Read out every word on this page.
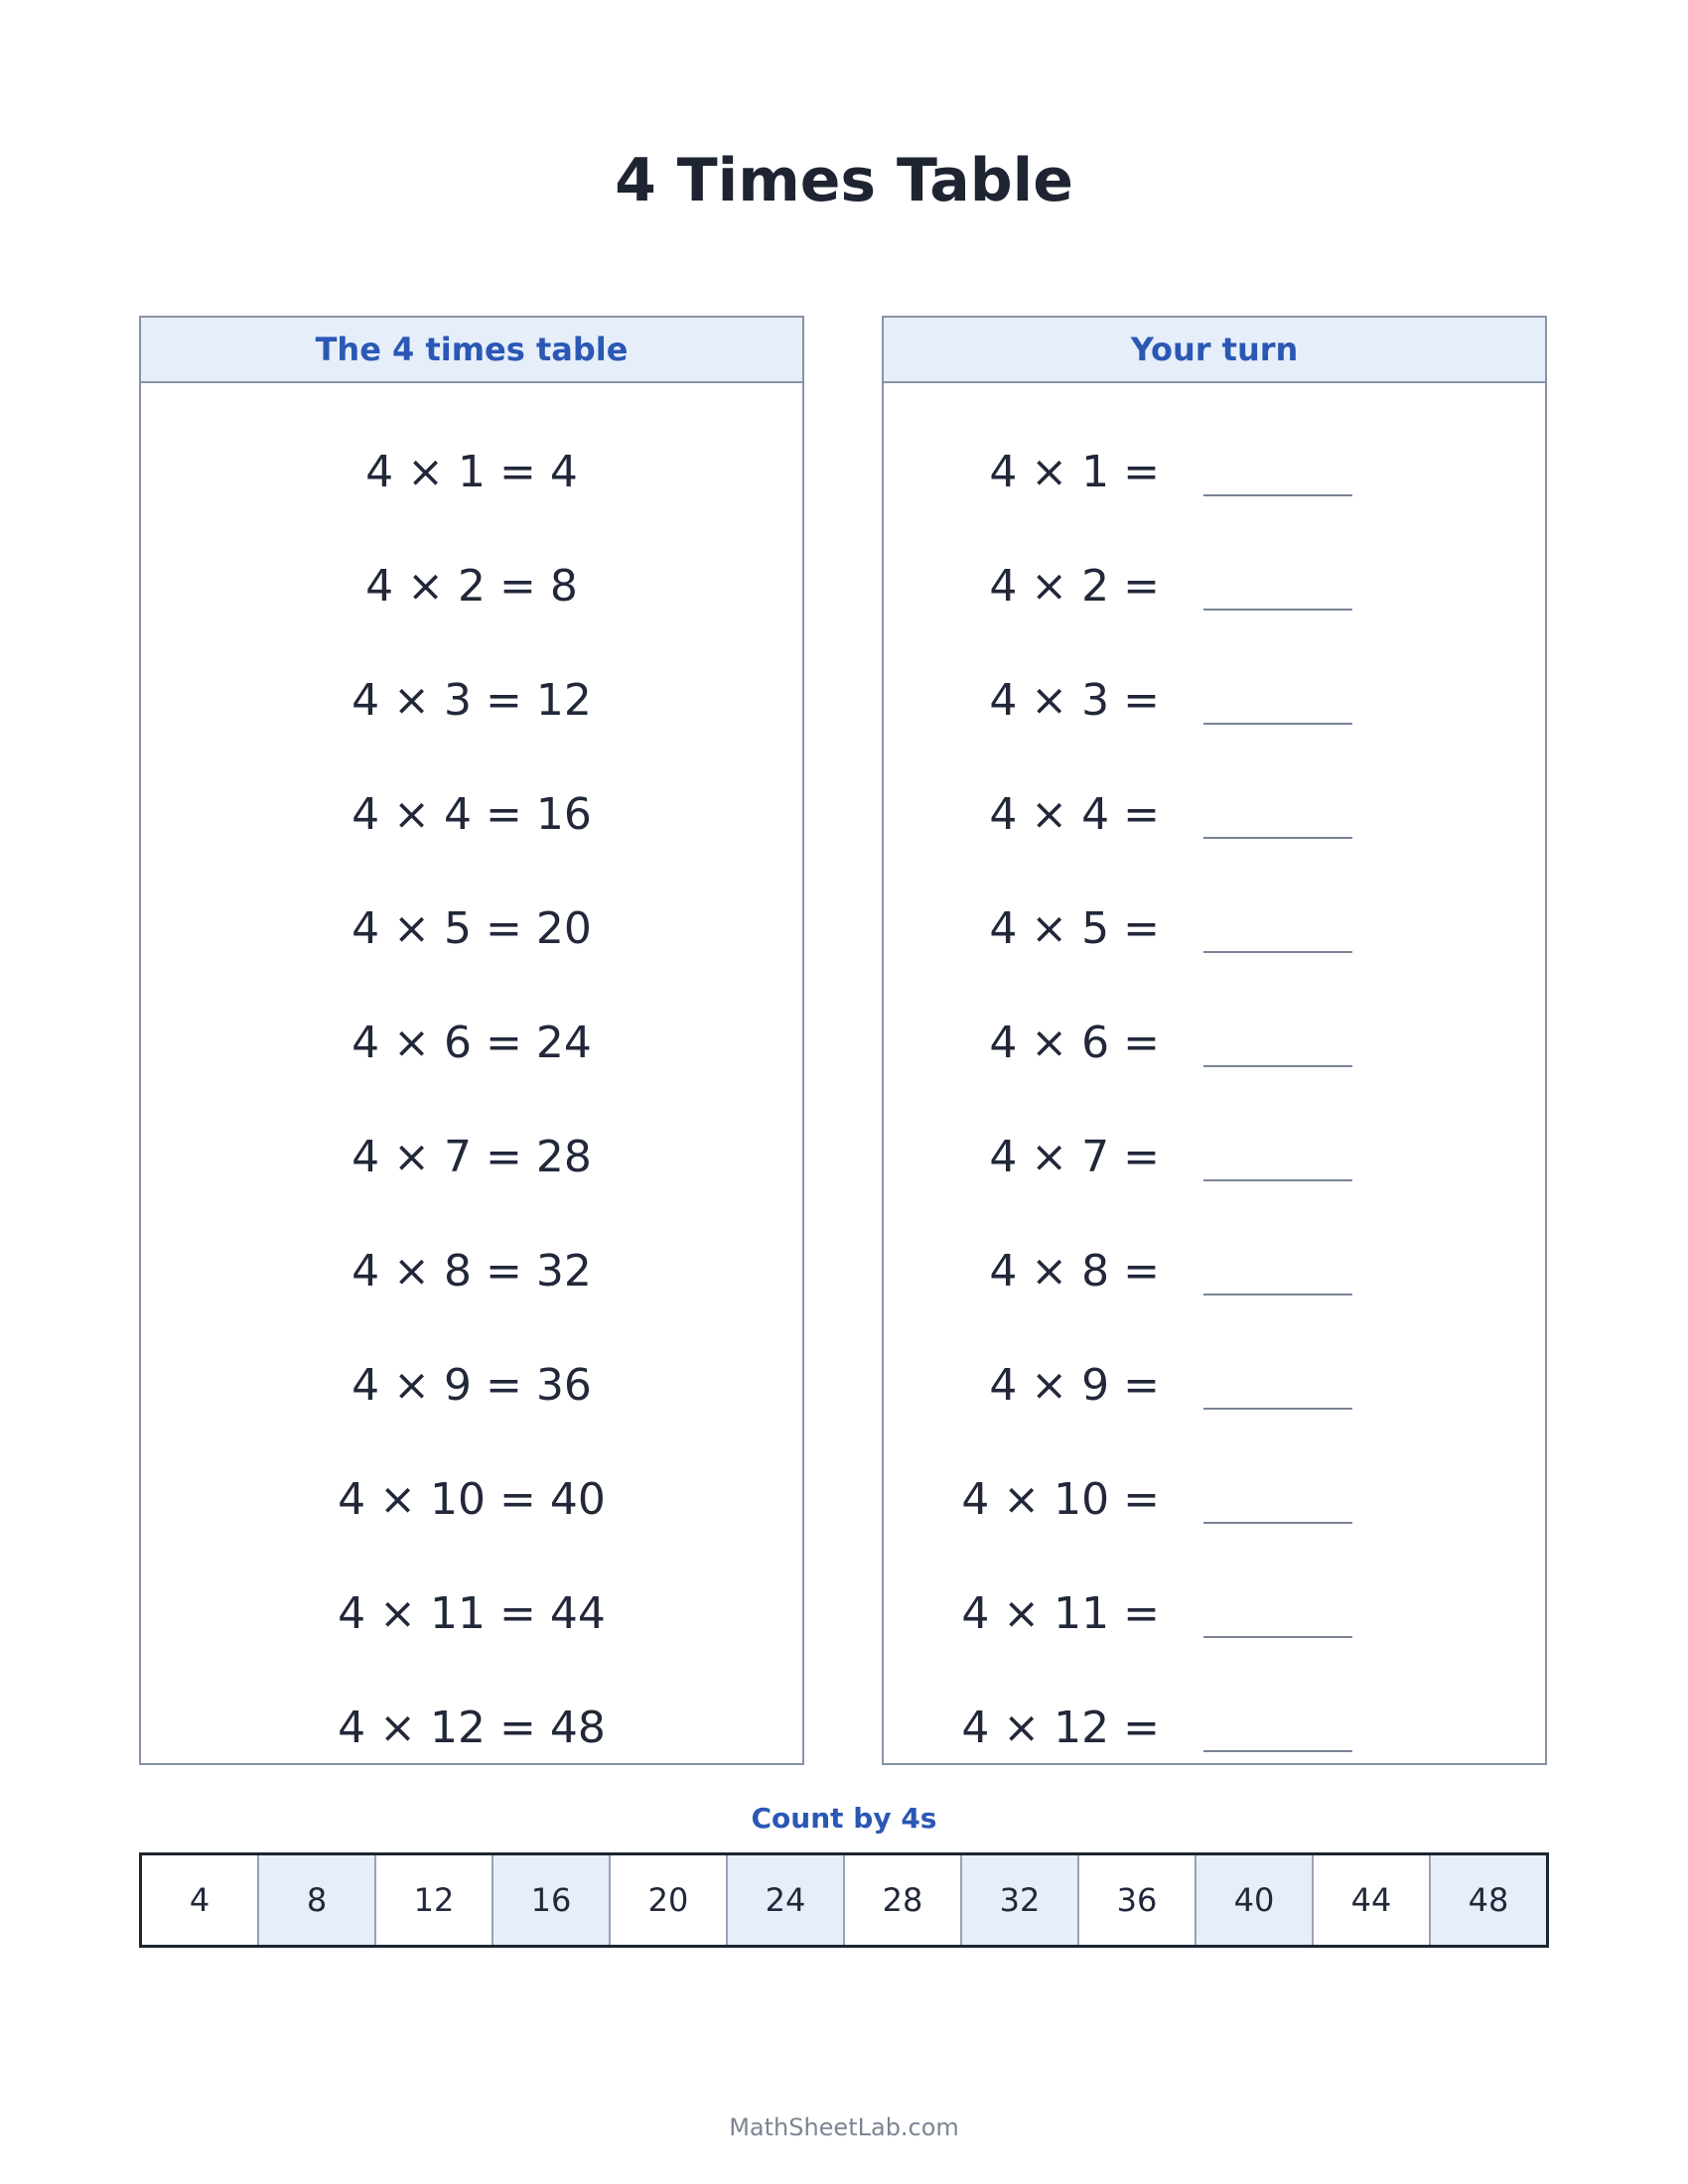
4 Times Table
The 4 times table
4 × 1 = 4
4 × 2 = 8
4 × 3 = 12
4 × 4 = 16
4 × 5 = 20
4 × 6 = 24
4 × 7 = 28
4 × 8 = 32
4 × 9 = 36
4 × 10 = 40
4 × 11 = 44
4 × 12 = 48
Your turn
4 × 1 =
4 × 2 =
4 × 3 =
4 × 4 =
4 × 5 =
4 × 6 =
4 × 7 =
4 × 8 =
4 × 9 =
4 × 10 =
4 × 11 =
4 × 12 =
Count by 4s
4	8	12	16	20	24	28	32	36	40	44	48
MathSheetLab.com
